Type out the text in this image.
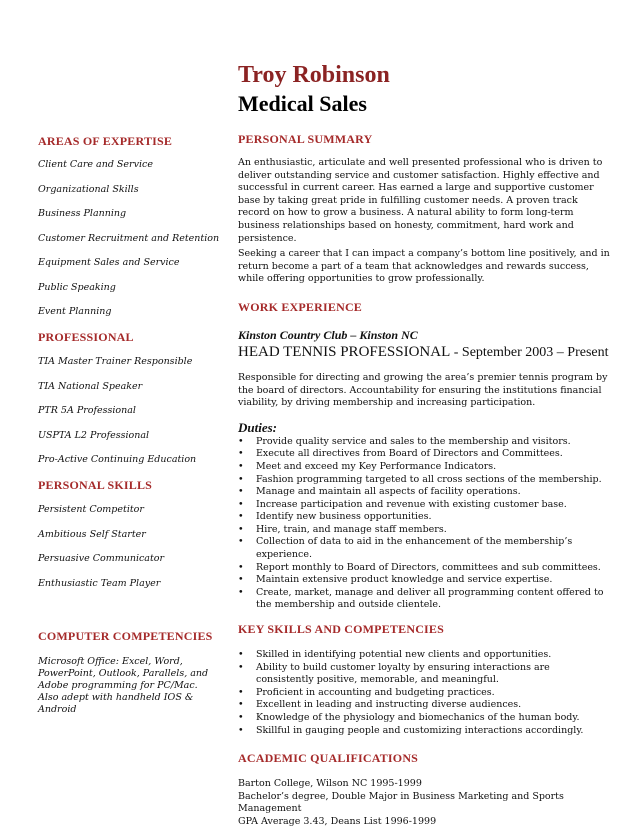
AREAS OF EXPERTISE
Client Care and Service
Organizational Skills
Business Planning
Customer Recruitment and Retention
Equipment Sales and Service
Public Speaking
Event Planning
PROFESSIONAL
TIA Master Trainer Responsible
TIA National Speaker
PTR 5A Professional
USPTA L2 Professional
Pro-Active Continuing Education
PERSONAL SKILLS
Persistent Competitor
Ambitious Self Starter
Persuasive Communicator
Enthusiastic Team Player
COMPUTER COMPETENCIES
Microsoft Office: Excel, Word,
PowerPoint, Outlook, Parallels, and
Adobe programming for PC/Mac.
Also adept with handheld IOS & Android
Troy Robinson
Medical Sales
PERSONAL SUMMARY

An enthusiastic, articulate and well presented professional who is driven to deliver outstanding service and customer satisfaction. Highly effective and successful in current career. Has earned a large and supportive customer base by taking great pride in fulfilling customer needs. A proven track record on how to grow a business. A natural ability to form long-term business relationships based on honesty, commitment, hard work and persistence.

Seeking a career that I can impact a company’s bottom line positively, and in return become a part of a team that acknowledges and rewards success, while offering opportunities to grow professionally.

WORK EXPERIENCE
Kinston Country Club – Kinston NC
HEAD TENNIS PROFESSIONAL - September 2003 – Present

Responsible for directing and growing the area’s premier tennis program by the board of directors. Accountability for ensuring the institutions financial viability, by driving membership and increasing participation.

Duties:
• Provide quality service and sales to the membership and visitors.
• Execute all directives from Board of Directors and Committees.
• Meet and exceed my Key Performance Indicators.
• Fashion programming targeted to all cross sections of the membership.
• Manage and maintain all aspects of facility operations.
• Increase participation and revenue with existing customer base.
• Identify new business opportunities.
• Hire, train, and manage staff members.
• Collection of data to aid in the enhancement of the membership’s experience.
• Report monthly to Board of Directors, committees and sub committees.
• Maintain extensive product knowledge and service expertise.
• Create, market, manage and deliver all programming content offered to the membership and outside clientele.
KEY SKILLS AND COMPETENCIES
• Skilled in identifying potential new clients and opportunities.
• Ability to build customer loyalty by ensuring interactions are consistently positive, memorable, and meaningful.
• Proficient in accounting and budgeting practices.
• Excellent in leading and instructing diverse audiences.
• Knowledge of the physiology and biomechanics of the human body.
• Skillful in gauging people and customizing interactions accordingly.
ACADEMIC QUALIFICATIONS
Barton College, Wilson NC 1995-1999
Bachelor’s degree, Double Major in Business Marketing and Sports Management
GPA Average 3.43, Deans List 1996-1999
